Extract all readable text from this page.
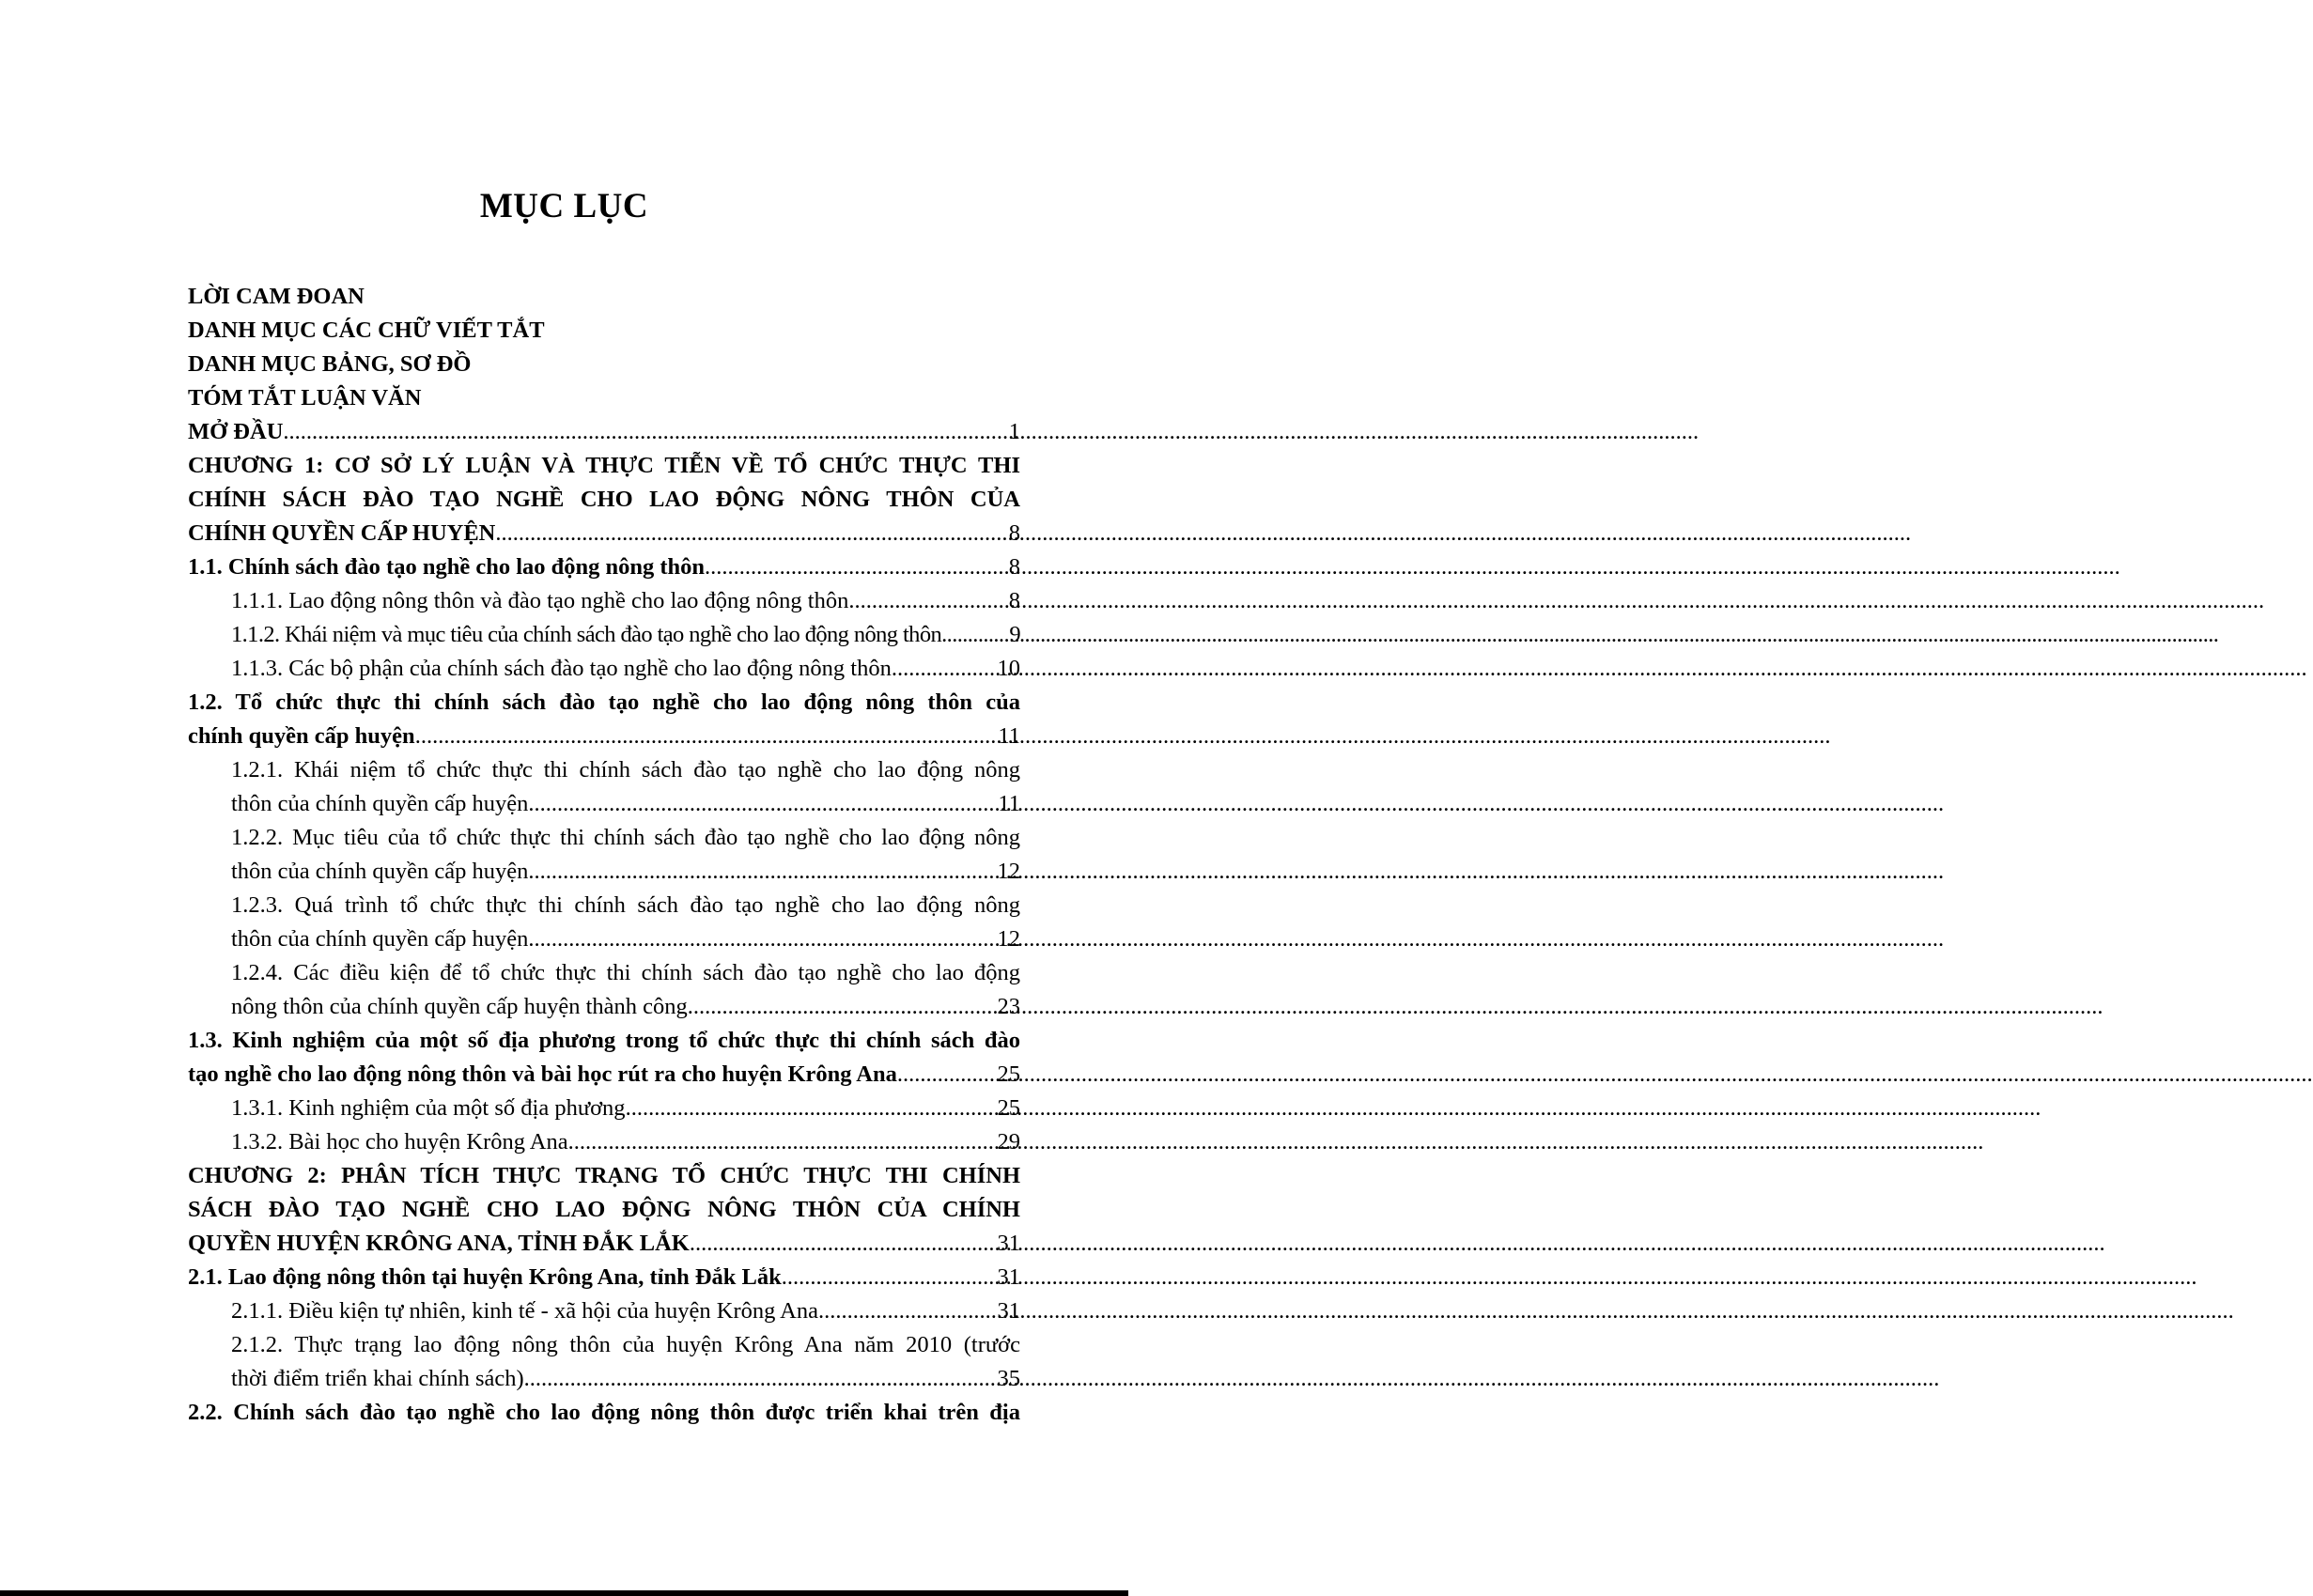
MỤC LỤC
LỜI CAM ĐOAN
DANH MỤC CÁC CHỮ VIẾT TẮT
DANH MỤC BẢNG, SƠ ĐỒ
TÓM TẮT LUẬN VĂN
MỞ ĐẦU .....	1
CHƯƠNG 1: CƠ SỞ LÝ LUẬN VÀ THỰC TIỄN VỀ TỔ CHỨC THỰC THI
CHÍNH SÁCH ĐÀO TẠO NGHỀ CHO LAO ĐỘNG NÔNG THÔN CỦA
CHÍNH QUYỀN CẤP HUYỆN .....	8
1.1. Chính sách đào tạo nghề cho lao động nông thôn .....	8
1.1.1. Lao động nông thôn và đào tạo nghề cho lao động nông thôn .....	8
1.1.2. Khái niệm và mục tiêu của chính sách đào tạo nghề cho lao động nông thôn .....	9
1.1.3. Các bộ phận của chính sách đào tạo nghề cho lao động nông thôn .....	10
1.2. Tổ chức thực thi chính sách đào tạo nghề cho lao động nông thôn của
chính quyền cấp huyện .....	11
1.2.1. Khái niệm tổ chức thực thi chính sách đào tạo nghề cho lao động nông
thôn của chính quyền cấp huyện .....	11
1.2.2. Mục tiêu của tổ chức thực thi chính sách đào tạo nghề cho lao động nông
thôn của chính quyền cấp huyện .....	12
1.2.3. Quá trình tổ chức thực thi chính sách đào tạo nghề cho lao động nông
thôn của chính quyền cấp huyện .....	12
1.2.4. Các điều kiện để tổ chức thực thi chính sách đào tạo nghề cho lao động
nông thôn của chính quyền cấp huyện thành công .....	23
1.3. Kinh nghiệm của một số địa phương trong tổ chức thực thi chính sách đào
tạo nghề cho lao động nông thôn và bài học rút ra cho huyện Krông Ana .....	25
1.3.1. Kinh nghiệm của một số địa phương .....	25
1.3.2. Bài học cho huyện Krông Ana .....	29
CHƯƠNG 2: PHÂN TÍCH THỰC TRẠNG TỔ CHỨC THỰC THI CHÍNH
SÁCH ĐÀO TẠO NGHỀ CHO LAO ĐỘNG NÔNG THÔN CỦA CHÍNH
QUYỀN HUYỆN KRÔNG ANA, TỈNH ĐẮK LẮK .....	31
2.1. Lao động nông thôn tại huyện Krông Ana, tỉnh Đắk Lắk .....	31
2.1.1. Điều kiện tự nhiên, kinh tế - xã hội của huyện Krông Ana .....	31
2.1.2. Thực trạng lao động nông thôn của huyện Krông Ana năm 2010 (trước
thời điểm triển khai chính sách) .....	35
2.2. Chính sách đào tạo nghề cho lao động nông thôn được triển khai trên địa
